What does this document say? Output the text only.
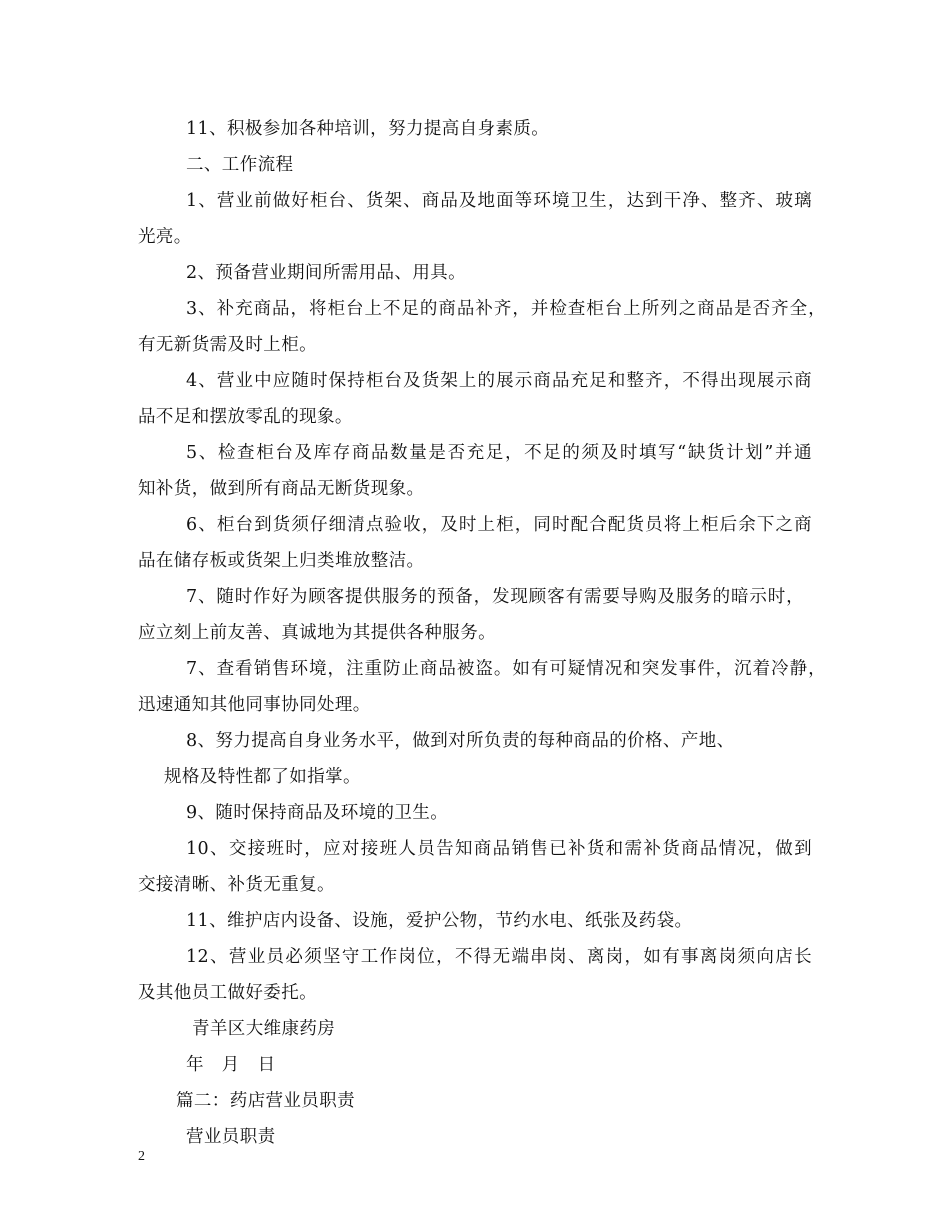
11、积极参加各种培训，努力提高自身素质。
二、工作流程
1、营业前做好柜台、货架、商品及地面等环境卫生，达到干净、整齐、玻璃
光亮。
2、预备营业期间所需用品、用具。
3、补充商品，将柜台上不足的商品补齐，并检查柜台上所列之商品是否齐全，
有无新货需及时上柜。
4、营业中应随时保持柜台及货架上的展示商品充足和整齐，不得出现展示商
品不足和摆放零乱的现象。
5、检查柜台及库存商品数量是否充足，不足的须及时填写“缺货计划”并通
知补货，做到所有商品无断货现象。
6、柜台到货须仔细清点验收，及时上柜，同时配合配货员将上柜后余下之商
品在储存板或货架上归类堆放整洁。
7、随时作好为顾客提供服务的预备，发现顾客有需要导购及服务的暗示时，
应立刻上前友善、真诚地为其提供各种服务。
7、查看销售环境，注重防止商品被盗。如有可疑情况和突发事件，沉着冷静，
迅速通知其他同事协同处理。
8、努力提高自身业务水平，做到对所负责的每种商品的价格、产地、
规格及特性都了如指掌。
9、随时保持商品及环境的卫生。
10、交接班时，应对接班人员告知商品销售已补货和需补货商品情况，做到
交接清晰、补货无重复。
11、维护店内设备、设施，爱护公物，节约水电、纸张及药袋。
12、营业员必须坚守工作岗位，不得无端串岗、离岗，如有事离岗须向店长
及其他员工做好委托。
青羊区大维康药房
年　月　日
篇二：药店营业员职责
营业员职责
2
